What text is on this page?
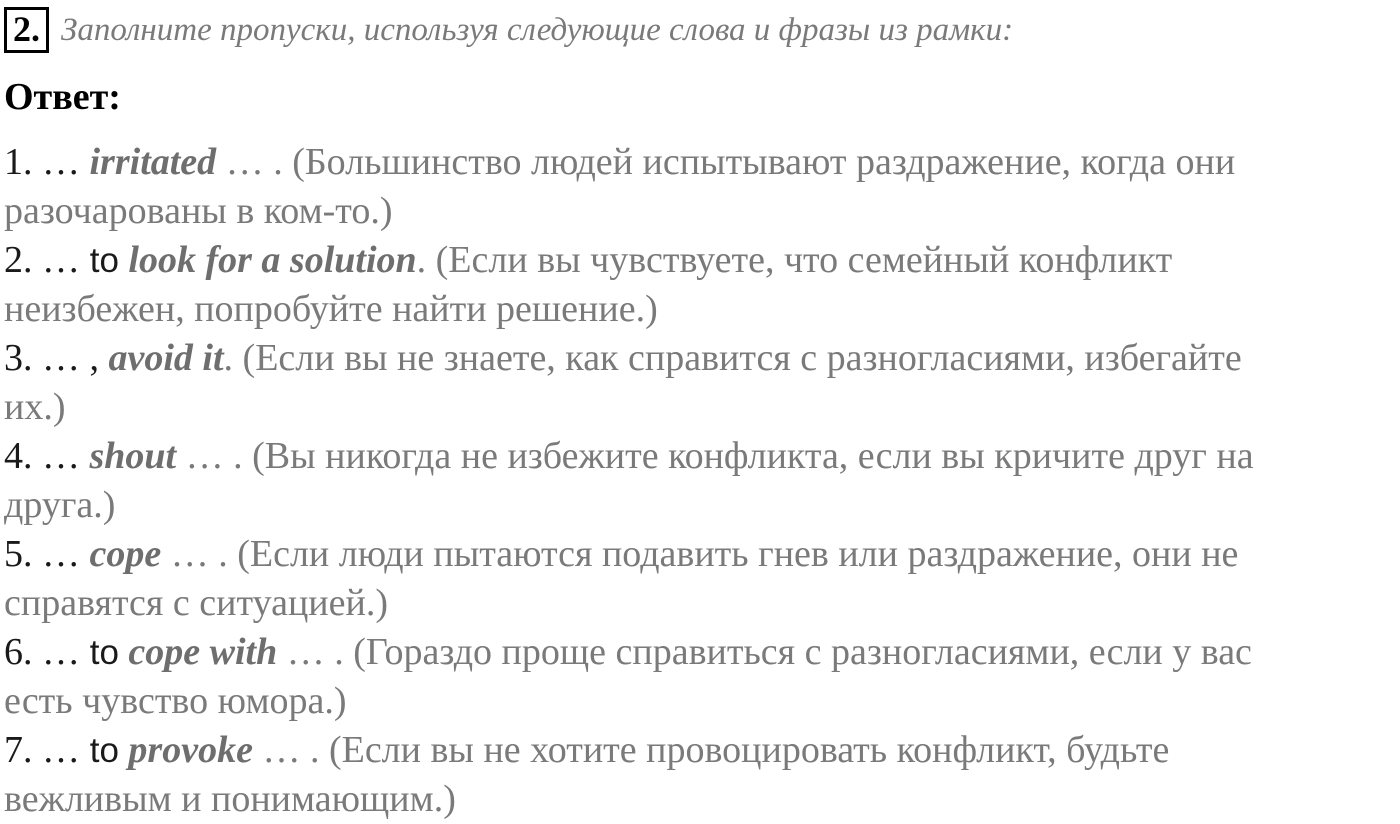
2. Заполните пропуски, используя следующие слова и фразы из рамки:
Ответ:
1. … irritated … . (Большинство людей испытывают раздражение, когда они
разочарованы в ком-то.)
2. … to look for a solution. (Если вы чувствуете, что семейный конфликт
неизбежен, попробуйте найти решение.)
3. … , avoid it. (Если вы не знаете, как справится с разногласиями, избегайте
их.)
4. … shout … . (Вы никогда не избежите конфликта, если вы кричите друг на
друга.)
5. … cope … . (Если люди пытаются подавить гнев или раздражение, они не
справятся с ситуацией.)
6. … to cope with … . (Гораздо проще справиться с разногласиями, если у вас
есть чувство юмора.)
7. … to provoke … . (Если вы не хотите провоцировать конфликт, будьте
вежливым и понимающим.)
